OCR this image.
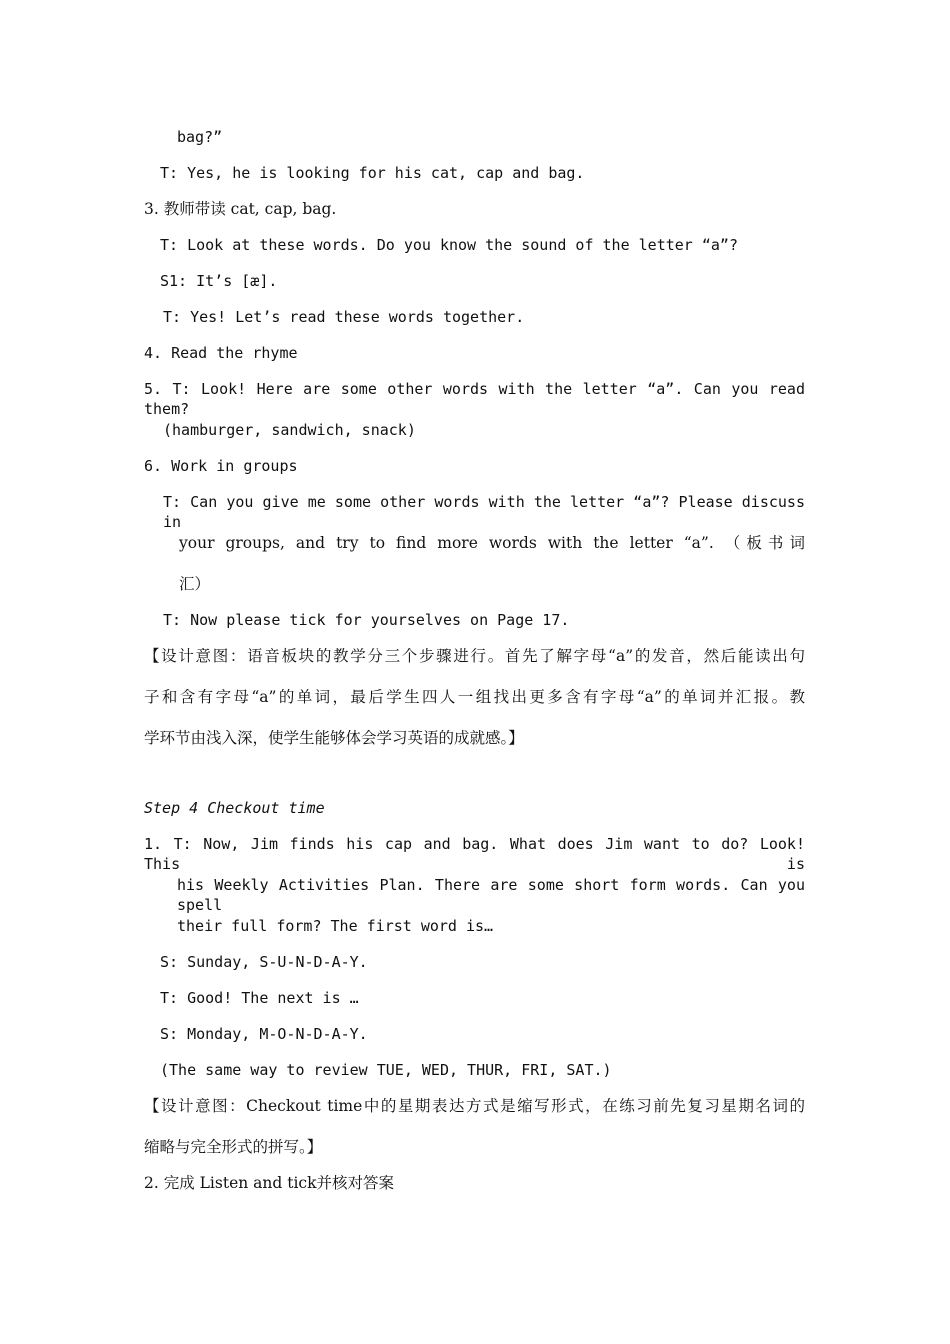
bag?”
T: Yes, he is looking for his cat, cap and bag.
3. 教师带读 cat, cap, bag.
T: Look at these words. Do you know the sound of the letter “a”?
S1: It’s [æ].
T: Yes! Let’s read these words together.
4. Read the rhyme
5. T: Look! Here are some other words with the letter “a”. Can you read them?
(hamburger, sandwich, snack)
6. Work in groups
T: Can you give me some other words with the letter “a”? Please discuss in
your groups, and try to find more words with the letter “a”. （板书词
汇）
T: Now please tick for yourselves on Page 17.
【设计意图：语音板块的教学分三个步骤进行。首先了解字母“a”的发音，然后能读出句
子和含有字母“a”的单词，最后学生四人一组找出更多含有字母“a”的单词并汇报。教
学环节由浅入深，使学生能够体会学习英语的成就感。】
Step 4 Checkout time
1. T: Now, Jim finds his cap and bag. What does Jim want to do? Look! This is
his Weekly Activities Plan. There are some short form words. Can you spell
their full form? The first word is…
S: Sunday, S-U-N-D-A-Y.
T: Good! The next is …
S: Monday, M-O-N-D-A-Y.
(The same way to review TUE, WED, THUR, FRI, SAT.)
【设计意图：Checkout time中的星期表达方式是缩写形式，在练习前先复习星期名词的
缩略与完全形式的拼写。】
2. 完成 Listen and tick并核对答案
